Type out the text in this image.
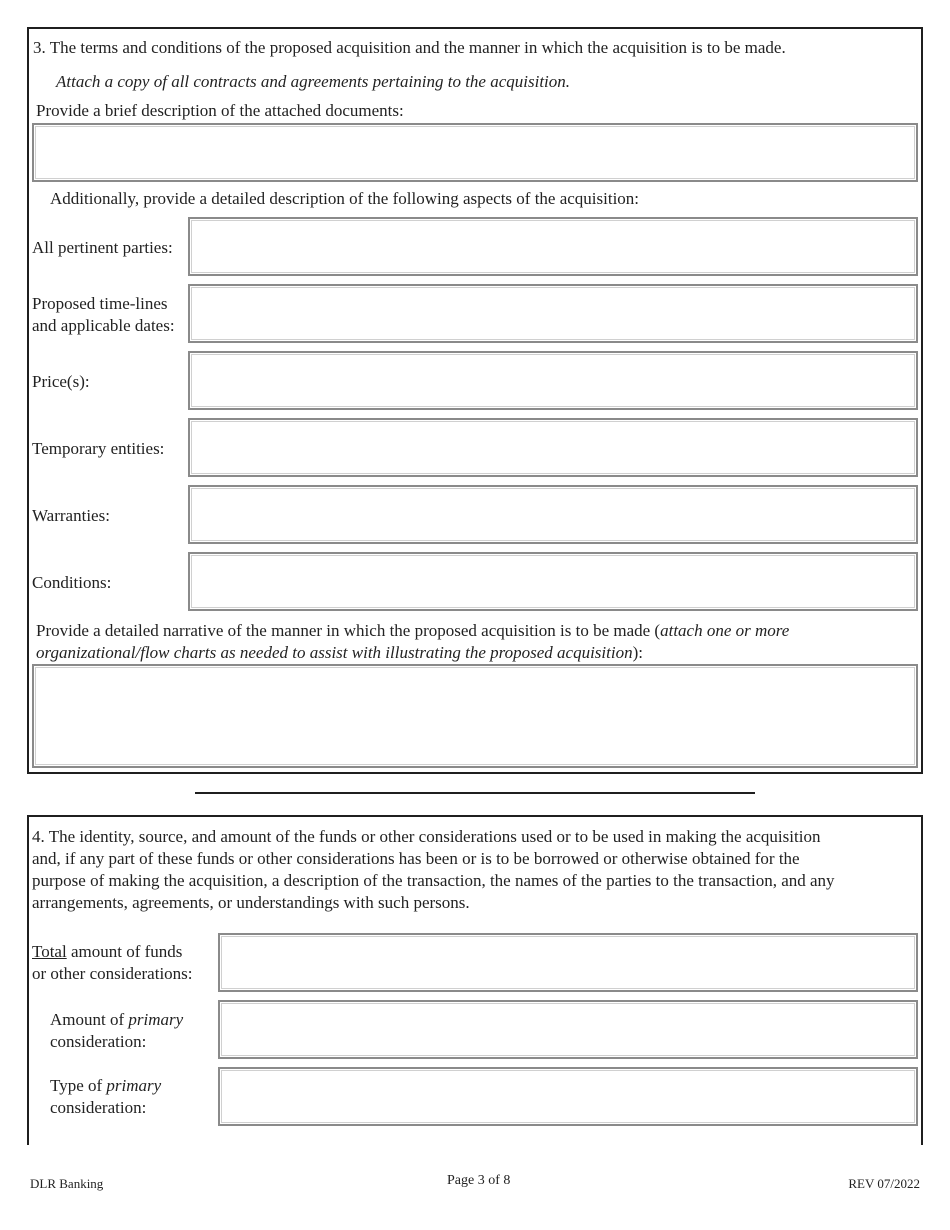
3. The terms and conditions of the proposed acquisition and the manner in which the acquisition is to be made.
Attach a copy of all contracts and agreements pertaining to the acquisition.
Provide a brief description of the attached documents:
Additionally, provide a detailed description of the following aspects of the acquisition:
All pertinent parties:
Proposed time-lines
and applicable dates:
Price(s):
Temporary entities:
Warranties:
Conditions:
Provide a detailed narrative of the manner in which the proposed acquisition is to be made (attach one or more
organizational/flow charts as needed to assist with illustrating the proposed acquisition):
4. The identity, source, and amount of the funds or other considerations used or to be used in making the acquisition
and, if any part of these funds or other considerations has been or is to be borrowed or otherwise obtained for the
purpose of making the acquisition, a description of the transaction, the names of the parties to the transaction, and any
arrangements, agreements, or understandings with such persons.
Total amount of funds
or other considerations:
Amount of primary
consideration:
Type of primary
consideration:
DLR Banking	Page 3 of 8	REV 07/2022
